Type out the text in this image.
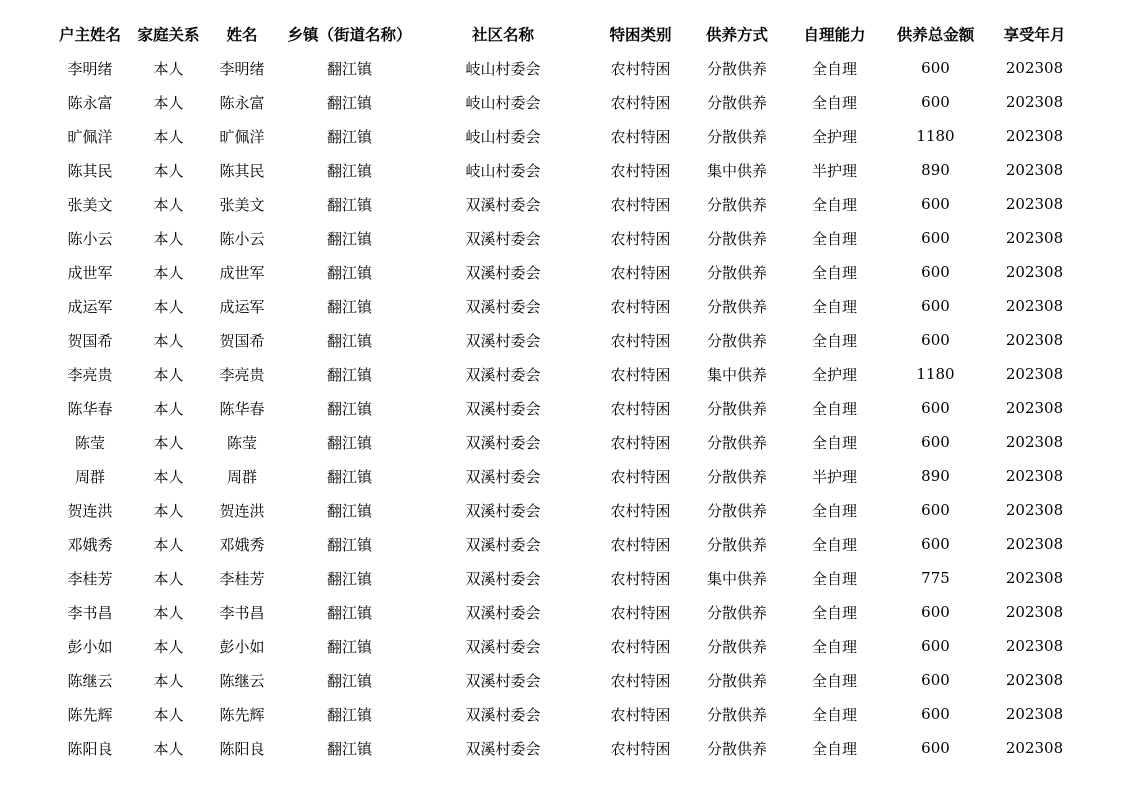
户主姓名	家庭关系	姓名	乡镇（街道名称）	社区名称	特困类别	供养方式	自理能力	供养总金额	享受年月
李明绪	本人	李明绪	翻江镇	岐山村委会	农村特困	分散供养	全自理	600	202308
陈永富	本人	陈永富	翻江镇	岐山村委会	农村特困	分散供养	全自理	600	202308
旷佩洋	本人	旷佩洋	翻江镇	岐山村委会	农村特困	分散供养	全护理	1180	202308
陈其民	本人	陈其民	翻江镇	岐山村委会	农村特困	集中供养	半护理	890	202308
张美文	本人	张美文	翻江镇	双溪村委会	农村特困	分散供养	全自理	600	202308
陈小云	本人	陈小云	翻江镇	双溪村委会	农村特困	分散供养	全自理	600	202308
成世军	本人	成世军	翻江镇	双溪村委会	农村特困	分散供养	全自理	600	202308
成运军	本人	成运军	翻江镇	双溪村委会	农村特困	分散供养	全自理	600	202308
贺国希	本人	贺国希	翻江镇	双溪村委会	农村特困	分散供养	全自理	600	202308
李亮贵	本人	李亮贵	翻江镇	双溪村委会	农村特困	集中供养	全护理	1180	202308
陈华春	本人	陈华春	翻江镇	双溪村委会	农村特困	分散供养	全自理	600	202308
陈莹	本人	陈莹	翻江镇	双溪村委会	农村特困	分散供养	全自理	600	202308
周群	本人	周群	翻江镇	双溪村委会	农村特困	分散供养	半护理	890	202308
贺连洪	本人	贺连洪	翻江镇	双溪村委会	农村特困	分散供养	全自理	600	202308
邓娥秀	本人	邓娥秀	翻江镇	双溪村委会	农村特困	分散供养	全自理	600	202308
李桂芳	本人	李桂芳	翻江镇	双溪村委会	农村特困	集中供养	全自理	775	202308
李书昌	本人	李书昌	翻江镇	双溪村委会	农村特困	分散供养	全自理	600	202308
彭小如	本人	彭小如	翻江镇	双溪村委会	农村特困	分散供养	全自理	600	202308
陈继云	本人	陈继云	翻江镇	双溪村委会	农村特困	分散供养	全自理	600	202308
陈先辉	本人	陈先辉	翻江镇	双溪村委会	农村特困	分散供养	全自理	600	202308
陈阳良	本人	陈阳良	翻江镇	双溪村委会	农村特困	分散供养	全自理	600	202308
